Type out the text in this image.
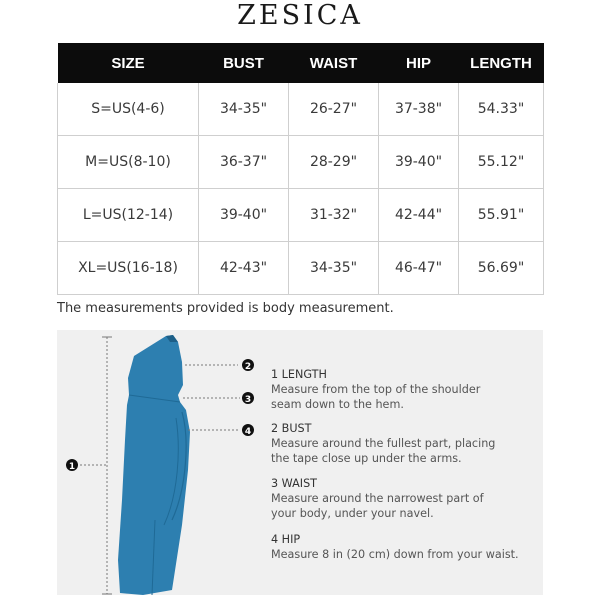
ZESICA
SIZE	BUST	WAIST	HIP	LENGTH
S=US(4-6)	34-35"	26-27"	37-38"	54.33"
M=US(8-10)	36-37"	28-29"	39-40"	55.12"
L=US(12-14)	39-40"	31-32"	42-44"	55.91"
XL=US(16-18)	42-43"	34-35"	46-47"	56.69"
The measurements provided is body measurement.
1
2
3
4
1 LENGTH
Measure from the top of the shoulder
seam down to the hem.
2 BUST
Measure around the fullest part, placing
the tape close up under the arms.
3 WAIST
Measure around the narrowest part of
your body, under your navel.
4 HIP
Measure 8 in (20 cm) down from your waist.
